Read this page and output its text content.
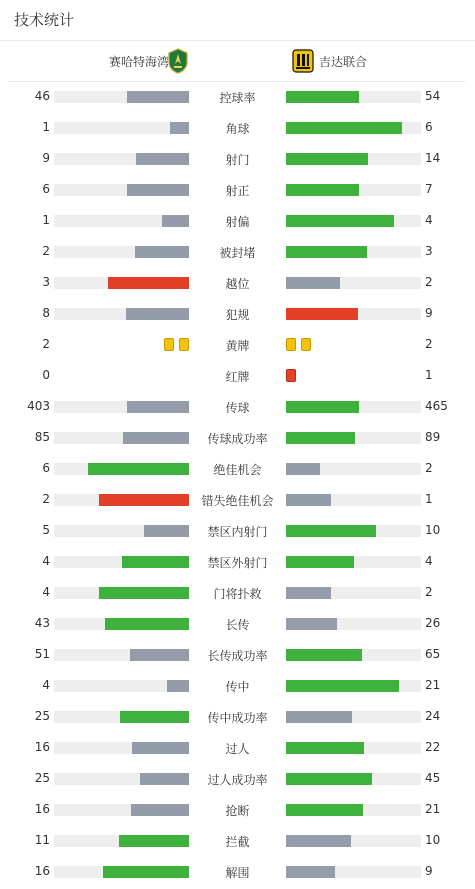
技术统计
赛哈特海湾	吉达联合
46	控球率	54
1	角球	6
9	射门	14
6	射正	7
1	射偏	4
2	被封堵	3
3	越位	2
8	犯规	9
2	黄牌	2
0	红牌	1
403	传球	465
85	传球成功率	89
6	绝佳机会	2
2	错失绝佳机会	1
5	禁区内射门	10
4	禁区外射门	4
4	门将扑救	2
43	长传	26
51	长传成功率	65
4	传中	21
25	传中成功率	24
16	过人	22
25	过人成功率	45
16	抢断	21
11	拦截	10
16	解围	9
